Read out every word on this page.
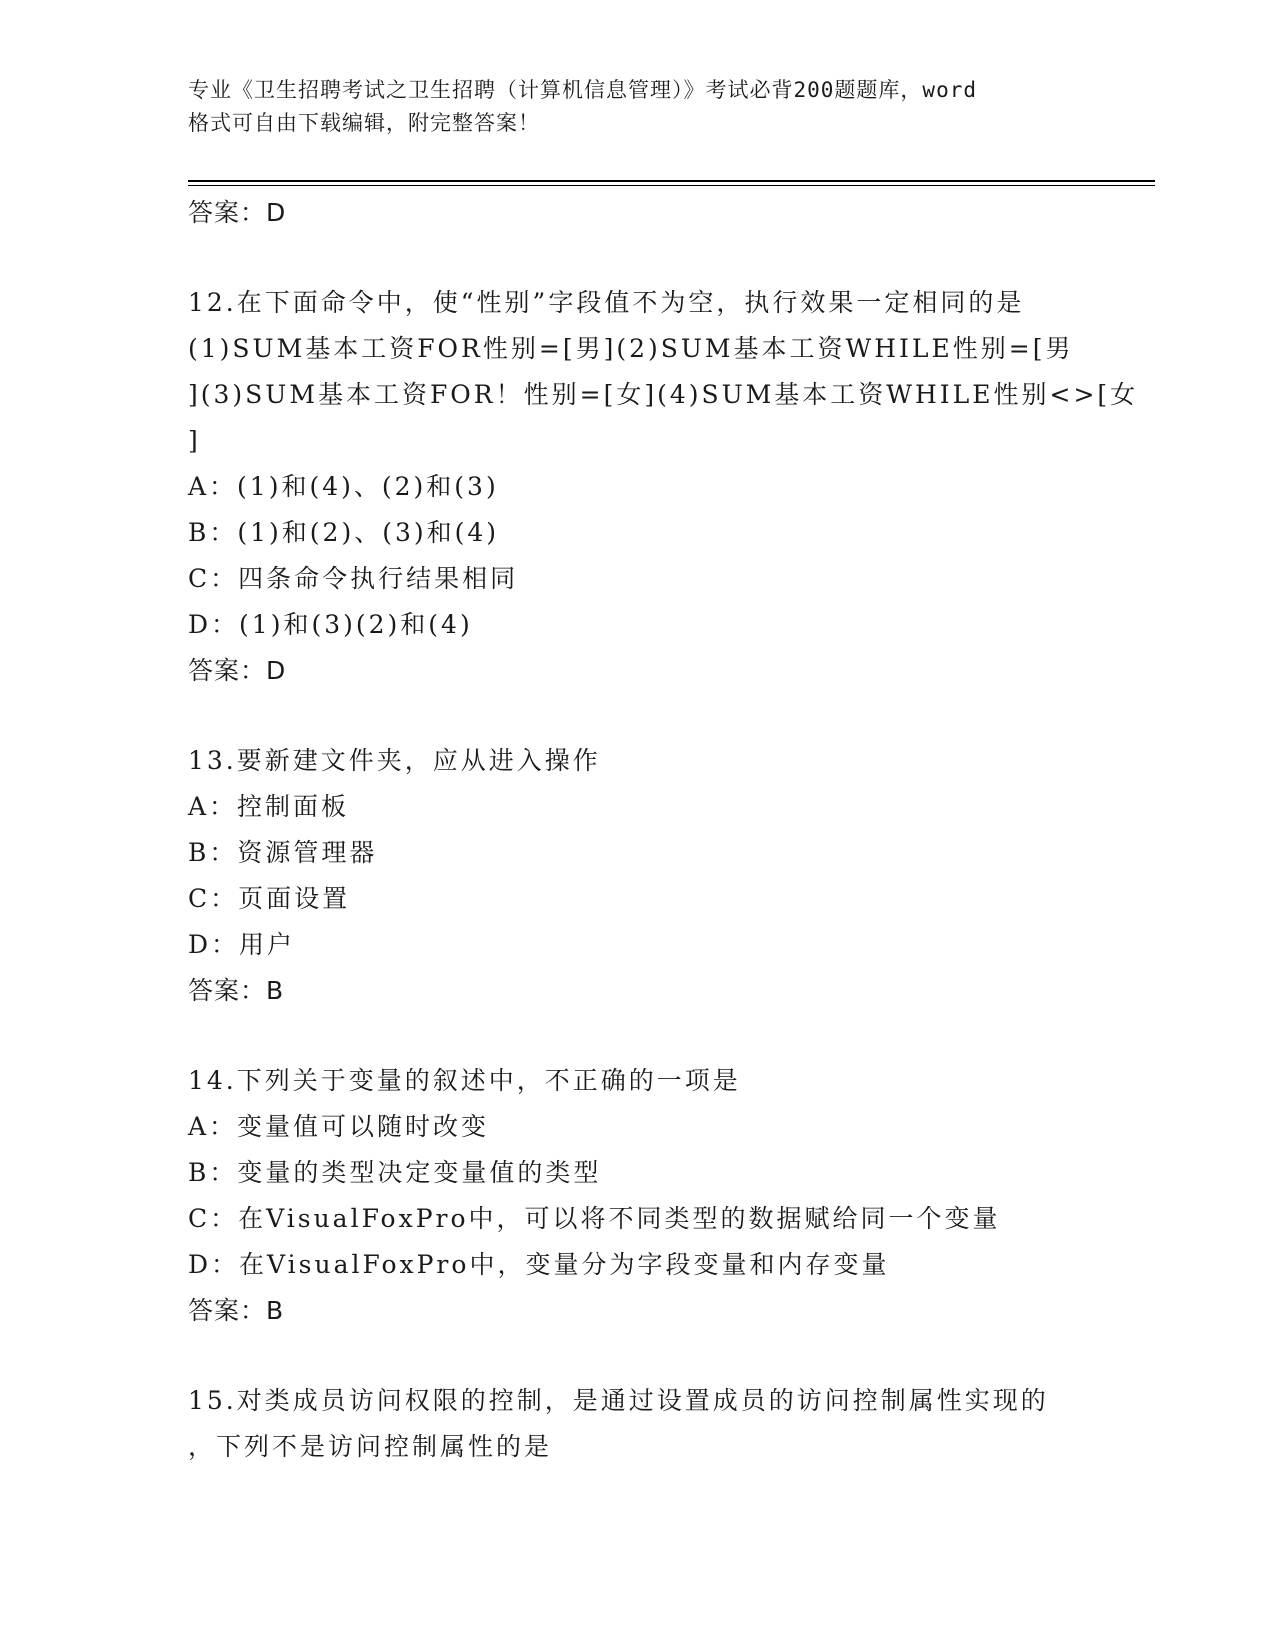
专业《卫生招聘考试之卫生招聘（计算机信息管理）》考试必背200题题库，word
格式可自由下载编辑，附完整答案！
答案：D
12.在下面命令中，使“性别”字段值不为空，执行效果一定相同的是
(1)SUM基本工资FOR性别=[男](2)SUM基本工资WHILE性别=[男
](3)SUM基本工资FOR！性别=[女](4)SUM基本工资WHILE性别<>[女
]
A：(1)和(4)、(2)和(3)
B：(1)和(2)、(3)和(4)
C：四条命令执行结果相同
D：(1)和(3)(2)和(4)
答案：D
13.要新建文件夹，应从进入操作
A：控制面板
B：资源管理器
C：页面设置
D：用户
答案：B
14.下列关于变量的叙述中，不正确的一项是
A：变量值可以随时改变
B：变量的类型决定变量值的类型
C：在VisualFoxPro中，可以将不同类型的数据赋给同一个变量
D：在VisualFoxPro中，变量分为字段变量和内存变量
答案：B
15.对类成员访问权限的控制，是通过设置成员的访问控制属性实现的
，下列不是访问控制属性的是
